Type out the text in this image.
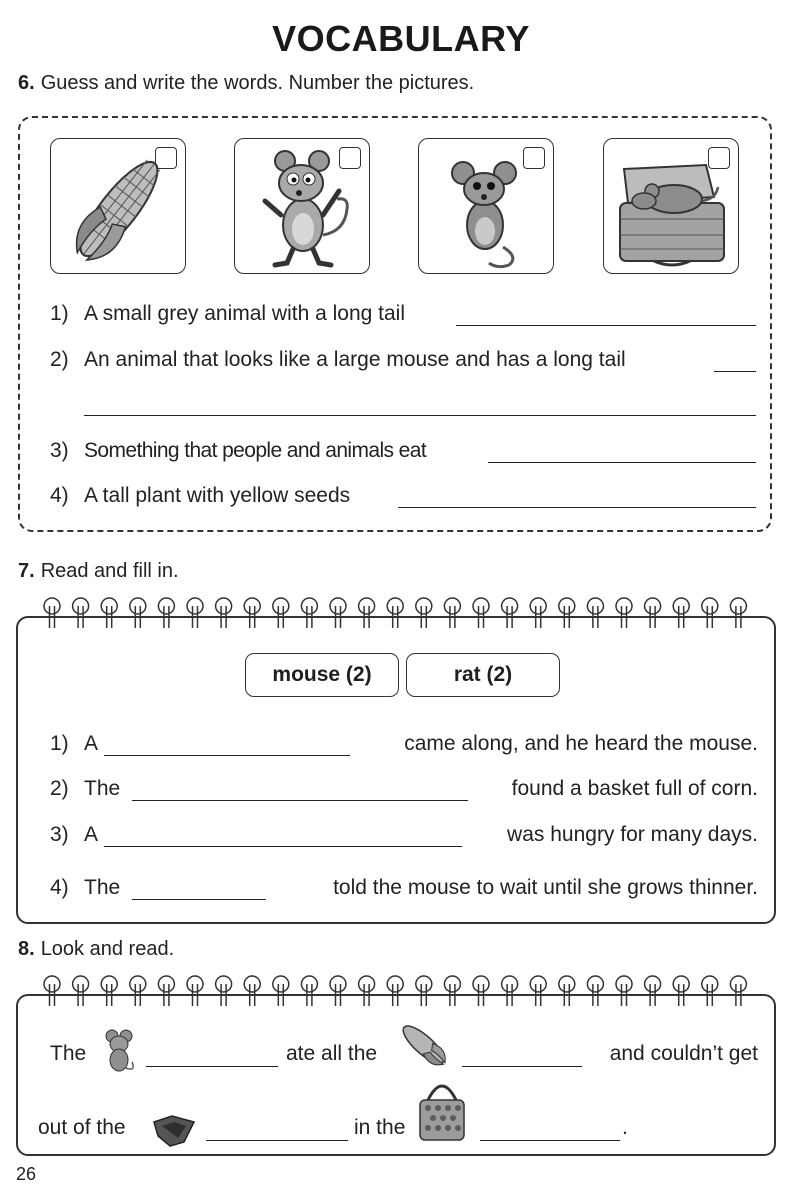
VOCABULARY
6. Guess and write the words. Number the pictures.
1) A small grey animal with a long tail
2) An animal that looks like a large mouse and has a long tail
3) Something that people and animals eat
4) A tall plant with yellow seeds
7. Read and fill in.
mouse (2)	rat (2)
1) A	came along, and he heard the mouse.
2) The	found a basket full of corn.
3) A	was hungry for many days.
4) The	told the mouse to wait until she grows thinner.
8. Look and read.
The	ate all the	and couldn’t get
out of the	in the	.
26
